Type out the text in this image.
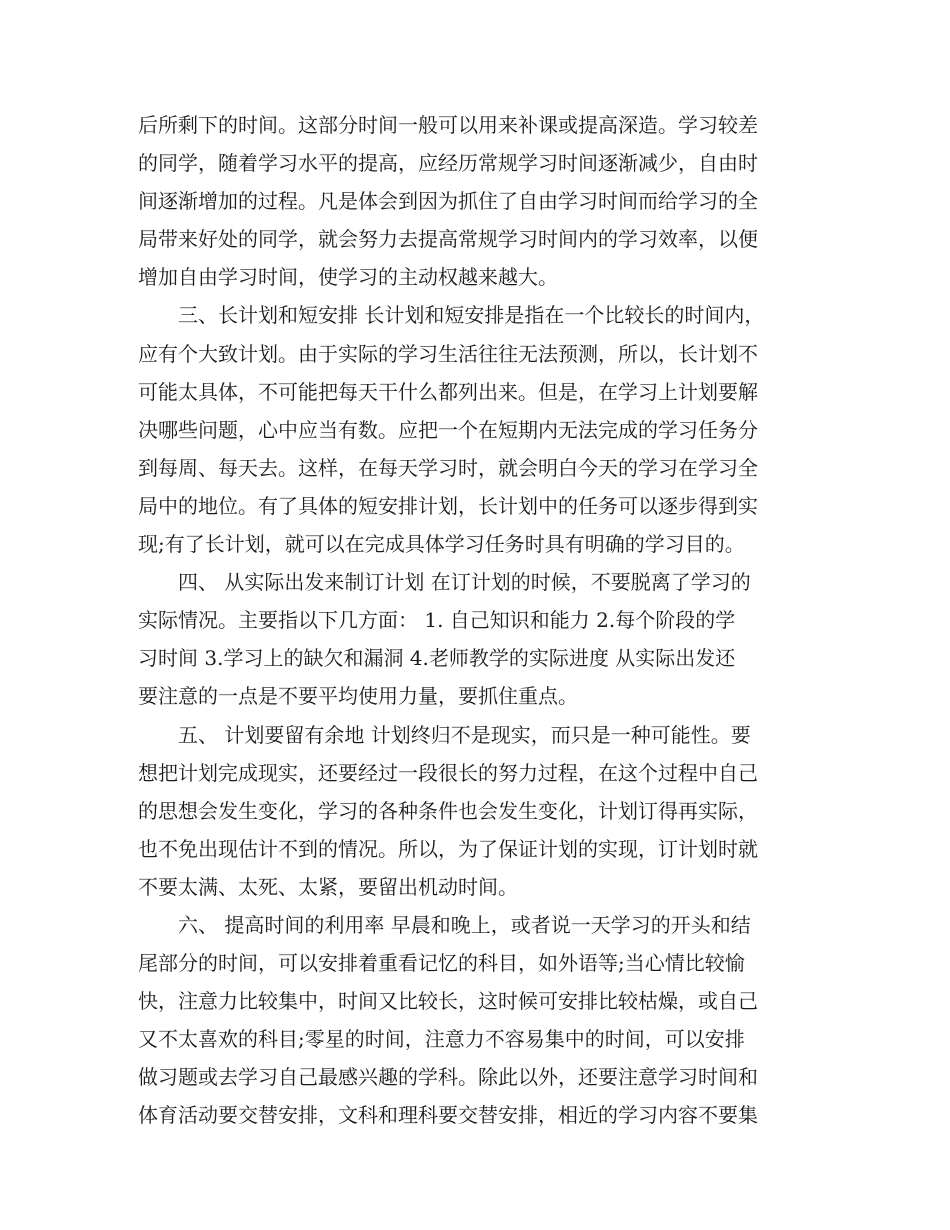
后所剩下的时间。这部分时间一般可以用来补课或提高深造。学习较差
的同学，随着学习水平的提高，应经历常规学习时间逐渐减少，自由时
间逐渐增加的过程。凡是体会到因为抓住了自由学习时间而给学习的全
局带来好处的同学，就会努力去提高常规学习时间内的学习效率，以便
增加自由学习时间，使学习的主动权越来越大。
　　三、长计划和短安排 长计划和短安排是指在一个比较长的时间内，
应有个大致计划。由于实际的学习生活往往无法预测，所以，长计划不
可能太具体，不可能把每天干什么都列出来。但是，在学习上计划要解
决哪些问题，心中应当有数。应把一个在短期内无法完成的学习任务分
到每周、每天去。这样，在每天学习时，就会明白今天的学习在学习全
局中的地位。有了具体的短安排计划，长计划中的任务可以逐步得到实
现;有了长计划，就可以在完成具体学习任务时具有明确的学习目的。
　　四、 从实际出发来制订计划 在订计划的时候，不要脱离了学习的
实际情况。主要指以下几方面： 1. 自己知识和能力 2.每个阶段的学
习时间 3.学习上的缺欠和漏洞 4.老师教学的实际进度 从实际出发还
要注意的一点是不要平均使用力量，要抓住重点。
　　五、 计划要留有余地 计划终归不是现实，而只是一种可能性。要
想把计划完成现实，还要经过一段很长的努力过程，在这个过程中自己
的思想会发生变化，学习的各种条件也会发生变化，计划订得再实际，
也不免出现估计不到的情况。所以，为了保证计划的实现，订计划时就
不要太满、太死、太紧，要留出机动时间。
　　六、 提高时间的利用率 早晨和晚上，或者说一天学习的开头和结
尾部分的时间，可以安排着重看记忆的科目，如外语等;当心情比较愉
快，注意力比较集中，时间又比较长，这时候可安排比较枯燥，或自己
又不太喜欢的科目;零星的时间，注意力不容易集中的时间，可以安排
做习题或去学习自己最感兴趣的学科。除此以外，还要注意学习时间和
体育活动要交替安排，文科和理科要交替安排，相近的学习内容不要集
